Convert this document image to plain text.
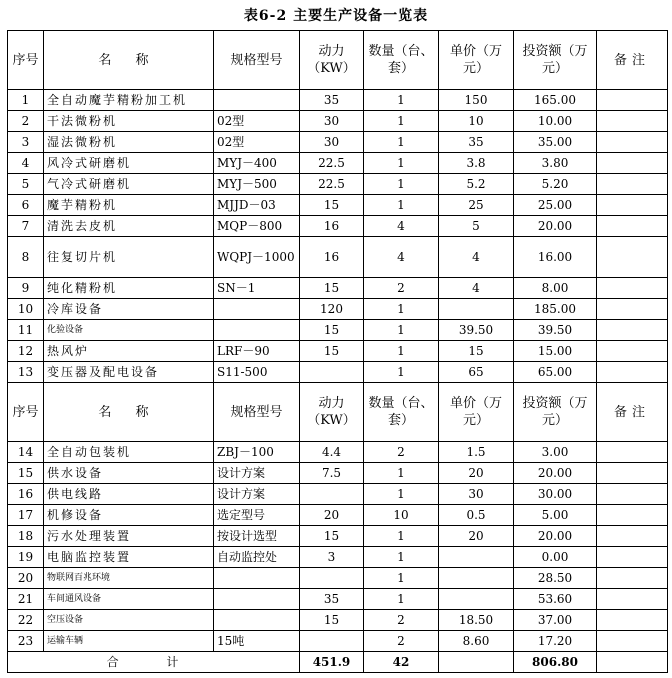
表6-2 主要生产设备一览表
序号	名 称	规格型号	动力（KW）	数量（台、套）	单价（万元）	投资额（万元）	备注
1	全自动魔芋精粉加工机		35	1	150	165.00	
2	干法微粉机	02型	30	1	10	10.00	
3	湿法微粉机	02型	30	1	35	35.00	
4	风冷式研磨机	MYJ－400	22.5	1	3.8	3.80	
5	气冷式研磨机	MYJ－500	22.5	1	5.2	5.20	
6	魔芋精粉机	MJJD－03	15	1	25	25.00	
7	清洗去皮机	MQP－800	16	4	5	20.00	
8	往复切片机	WQPJ－1000	16	4	4	16.00	
9	纯化精粉机	SN－1	15	2	4	8.00	
10	冷库设备		120	1		185.00	
11	化验设备		15	1	39.50	39.50	
12	热风炉	LRF－90	15	1	15	15.00	
13	变压器及配电设备	S11-500		1	65	65.00	
序号	名 称	规格型号	动力（KW）	数量（台、套）	单价（万元）	投资额（万元）	备注
14	全自动包装机	ZBJ－100	4.4	2	1.5	3.00	
15	供水设备	设计方案	7.5	1	20	20.00	
16	供电线路	设计方案		1	30	30.00	
17	机修设备	选定型号	20	10	0.5	5.00	
18	污水处理装置	按设计选型	15	1	20	20.00	
19	电脑监控装置	自动监控处	3	1		0.00	
20	物联网百兆环境			1		28.50	
21	车间通风设备		35	1		53.60	
22	空压设备		15	2	18.50	37.00	
23	运输车辆	15吨		2	8.60	17.20	
合 计			451.9	42		806.80	
